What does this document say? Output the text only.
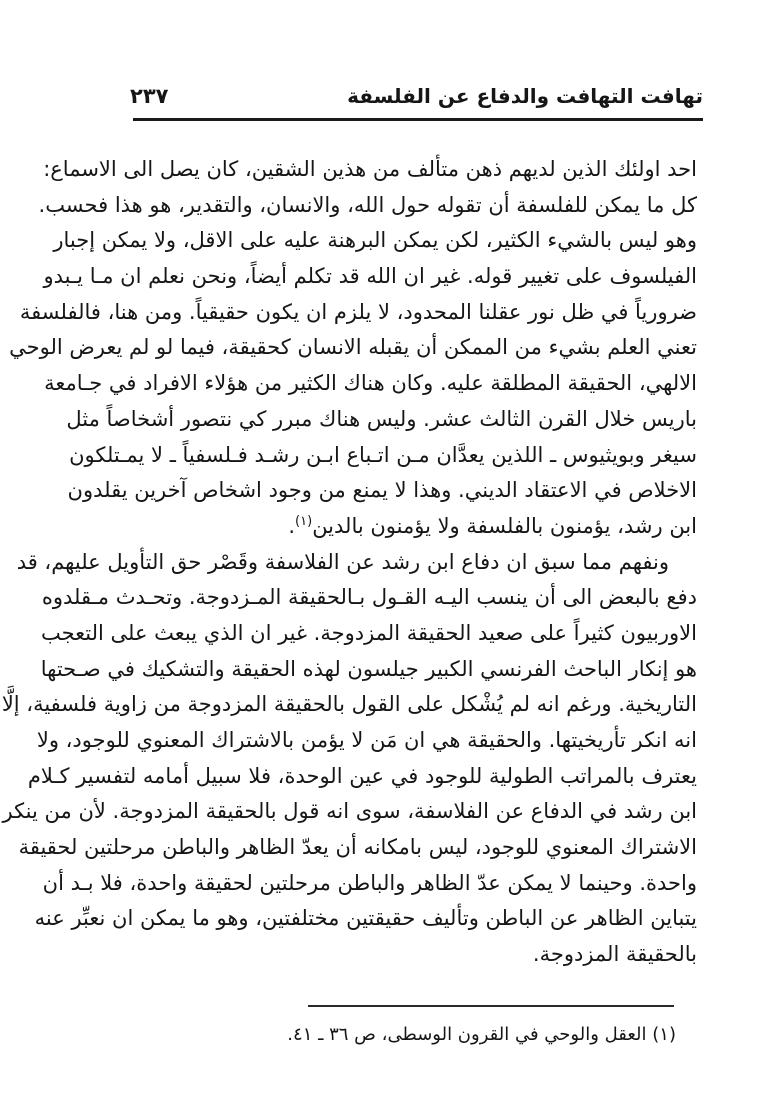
تهافت التهافت والدفاع عن الفلسفة
٢٣٧
احد اولئك الذين لديهم ذهن متألف من هذين الشقين، كان يصل الى الاسماع:
كل ما يمكن للفلسفة أن تقوله حول الله، والانسان، والتقدير، هو هذا فحسب.
وهو ليس بالشيء الكثير، لكن يمكن البرهنة عليه على الاقل، ولا يمكن إجبار
الفيلسوف على تغيير قوله. غير ان الله قد تكلم أيضاً، ونحن نعلم ان مـا يـبدو
ضرورياً في ظل نور عقلنا المحدود، لا يلزم ان يكون حقيقياً. ومن هنا، فالفلسفة
تعني العلم بشيء من الممكن أن يقبله الانسان كحقيقة، فيما لو لم يعرض الوحي
الالهي، الحقيقة المطلقة عليه. وكان هناك الكثير من هؤلاء الافراد في جـامعة
باريس خلال القرن الثالث عشر. وليس هناك مبرر كي نتصور أشخاصاً مثل
سيغر وبويثيوس ـ اللذين يعدَّان مـن اتـباع ابـن رشـد فـلسفياً ـ لا يمـتلكون
الاخلاص في الاعتقاد الديني. وهذا لا يمنع من وجود اشخاص آخرين يقلدون
ابن رشد، يؤمنون بالفلسفة ولا يؤمنون بالدين$^{(١)}$.
ونفهم مما سبق ان دفاع ابن رشد عن الفلاسفة وقَصْر حق التأويل عليهم، قد
دفع بالبعض الى أن ينسب اليـه القـول بـالحقيقة المـزدوجة. وتحـدث مـقلدوه
الاوربيون كثيراً على صعيد الحقيقة المزدوجة. غير ان الذي يبعث على التعجب
هو إنكار الباحث الفرنسي الكبير جيلسون لهذه الحقيقة والتشكيك في صـحتها
التاريخية. ورغم انه لم يُشْكل على القول بالحقيقة المزدوجة من زاوية فلسفية، إلَّا
انه انكر تأريخيتها. والحقيقة هي ان مَن لا يؤمن بالاشتراك المعنوي للوجود، ولا
يعترف بالمراتب الطولية للوجود في عين الوحدة، فلا سبيل أمامه لتفسير كـلام
ابن رشد في الدفاع عن الفلاسفة، سوى انه قول بالحقيقة المزدوجة. لأن من ينكر
الاشتراك المعنوي للوجود، ليس بامكانه أن يعدّ الظاهر والباطن مرحلتين لحقيقة
واحدة. وحينما لا يمكن عدّ الظاهر والباطن مرحلتين لحقيقة واحدة، فلا بـد أن
يتباين الظاهر عن الباطن وتأليف حقيقتين مختلفتين، وهو ما يمكن ان نعبِّر عنه
بالحقيقة المزدوجة.
(١) العقل والوحي في القرون الوسطى، ص ٣٦ ـ ٤١.
